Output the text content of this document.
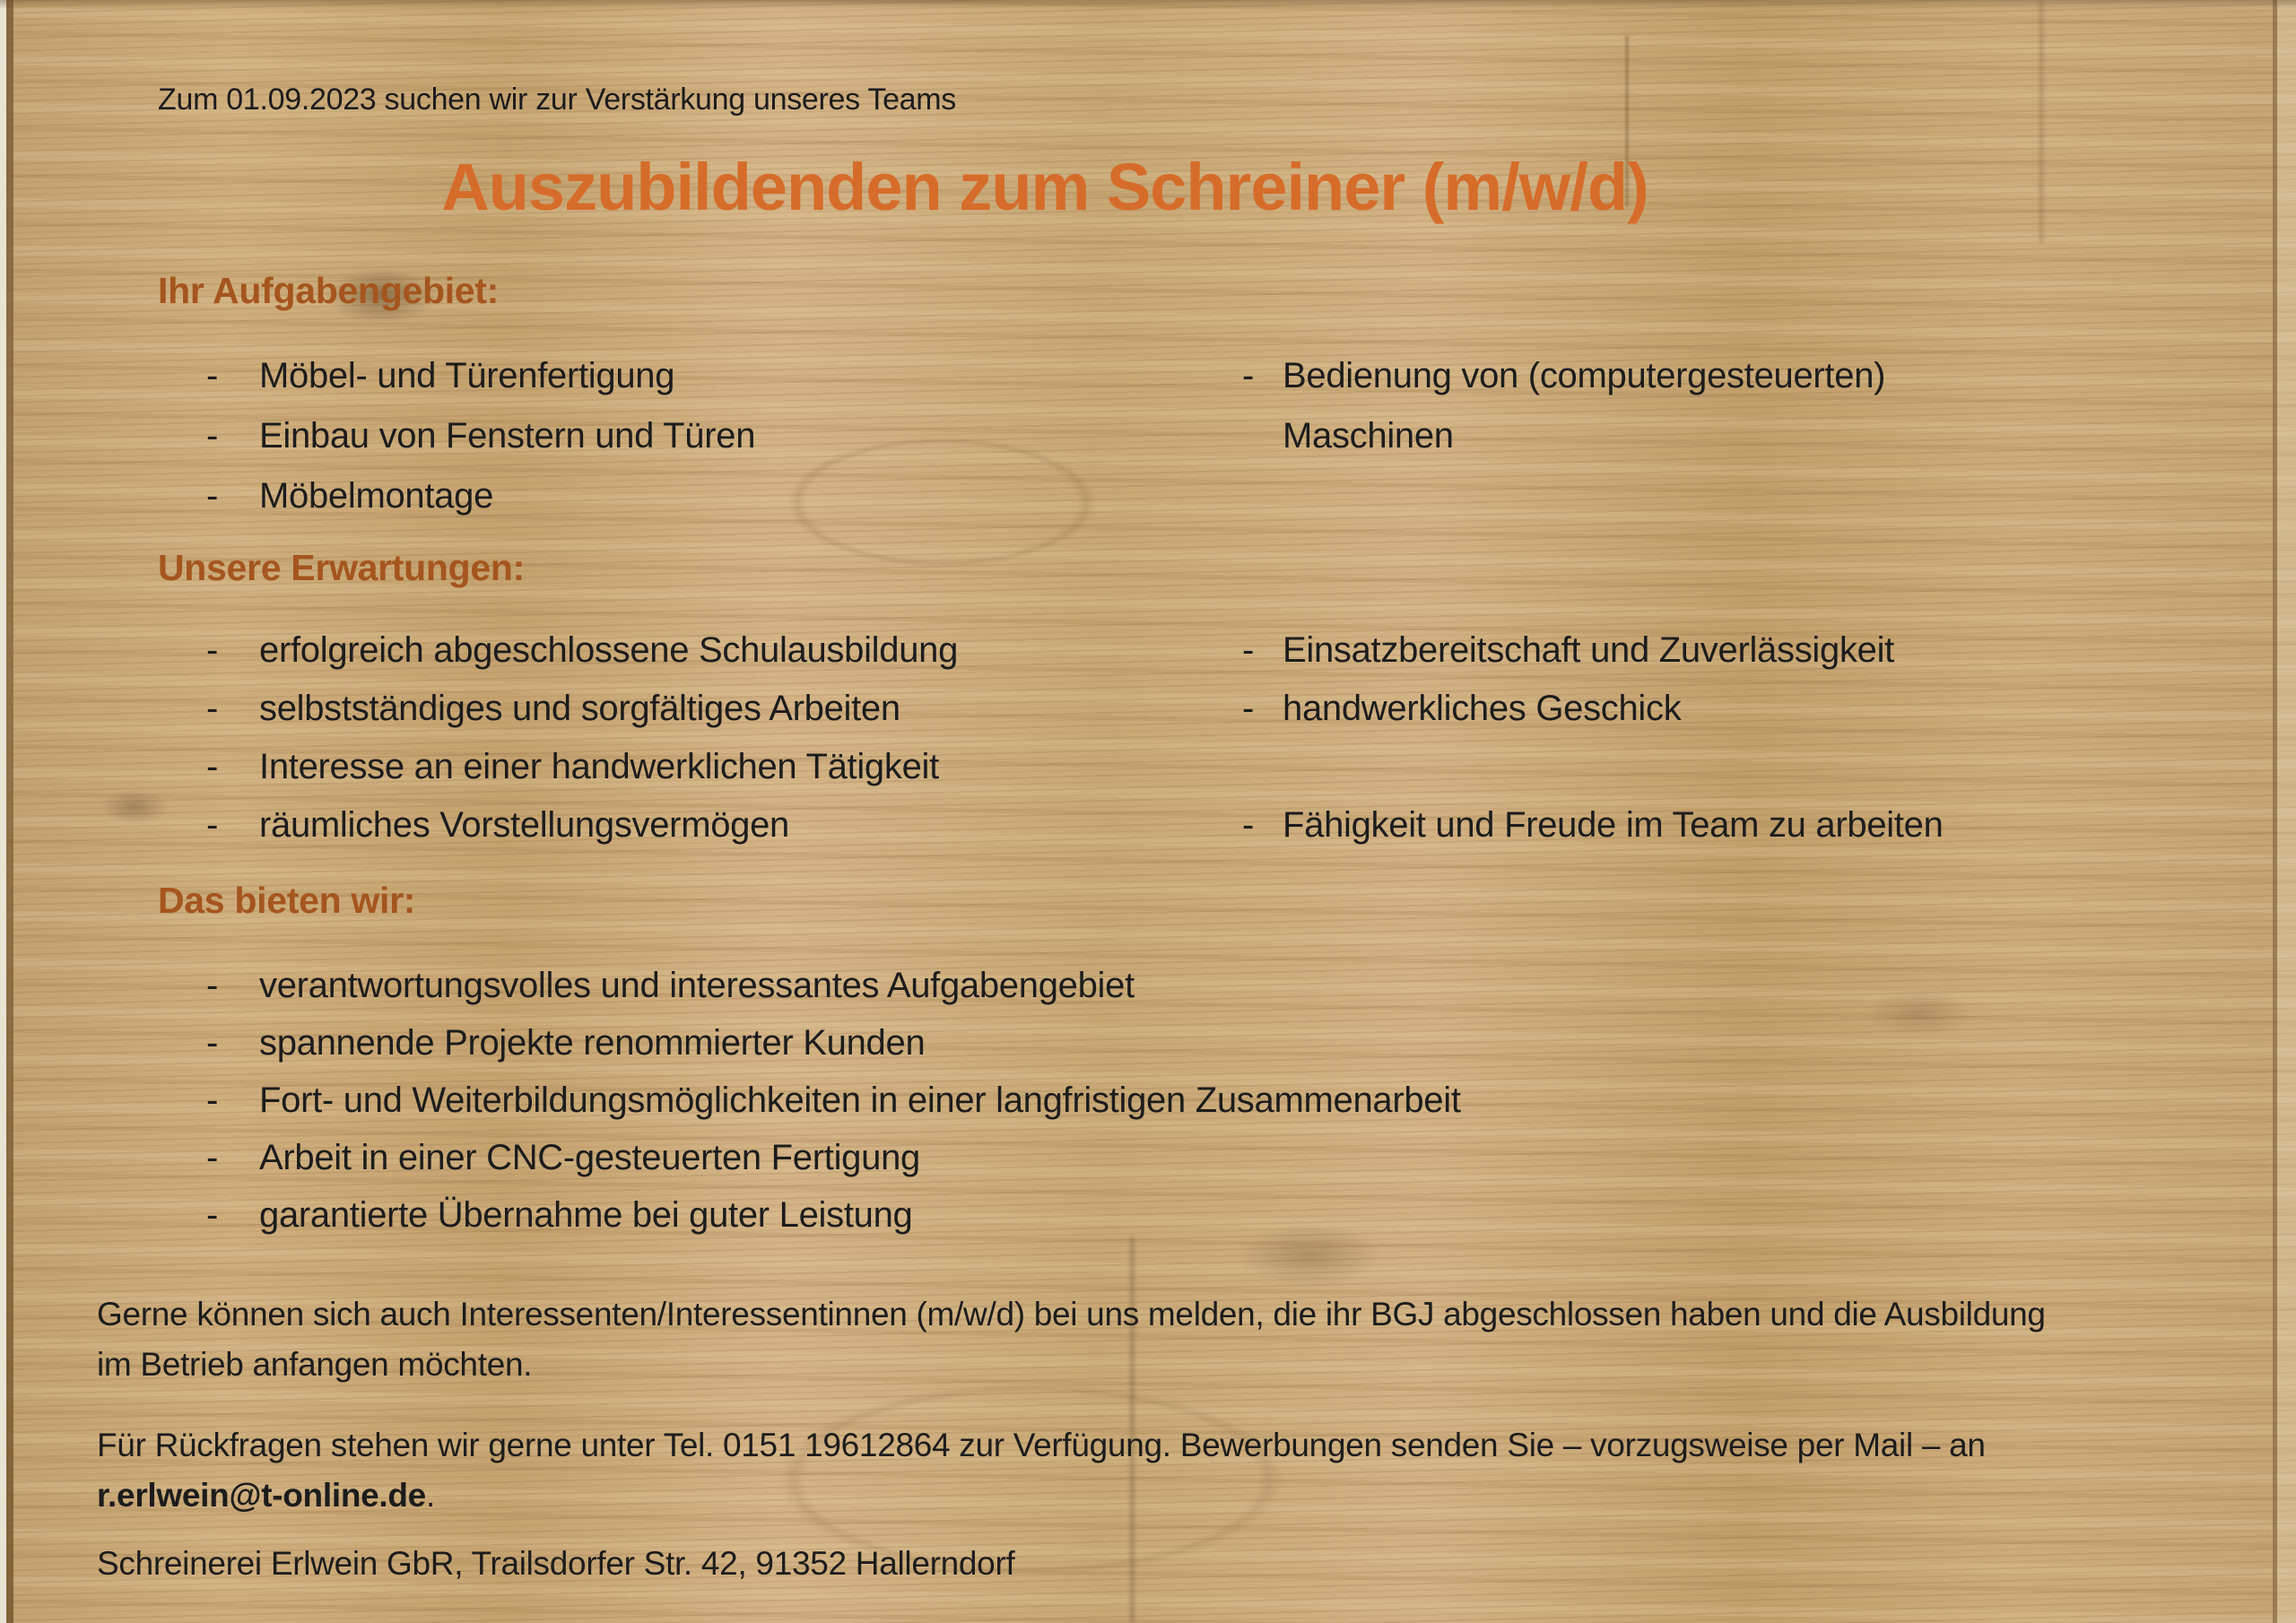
Zum 01.09.2023 suchen wir zur Verstärkung unseres Teams
Auszubildenden zum Schreiner (m/w/d)
Ihr Aufgabengebiet:
- Möbel- und Türenfertigung	- Bedienung von (computergesteuerten)
- Einbau von Fenstern und Türen	Maschinen
- Möbelmontage
Unsere Erwartungen:
- erfolgreich abgeschlossene Schulausbildung	- Einsatzbereitschaft und Zuverlässigkeit
- selbstständiges und sorgfältiges Arbeiten	- handwerkliches Geschick
- Interesse an einer handwerklichen Tätigkeit
- räumliches Vorstellungsvermögen	- Fähigkeit und Freude im Team zu arbeiten
Das bieten wir:
- verantwortungsvolles und interessantes Aufgabengebiet
- spannende Projekte renommierter Kunden
- Fort- und Weiterbildungsmöglichkeiten in einer langfristigen Zusammenarbeit
- Arbeit in einer CNC-gesteuerten Fertigung
- garantierte Übernahme bei guter Leistung

Gerne können sich auch Interessenten/Interessentinnen (m/w/d) bei uns melden, die ihr BGJ abgeschlossen haben und die Ausbildung im Betrieb anfangen möchten.

Für Rückfragen stehen wir gerne unter Tel. 0151 19612864 zur Verfügung. Bewerbungen senden Sie – vorzugsweise per Mail – an r.erlwein@t-online.de.

Schreinerei Erlwein GbR, Trailsdorfer Str. 42, 91352 Hallerndorf
